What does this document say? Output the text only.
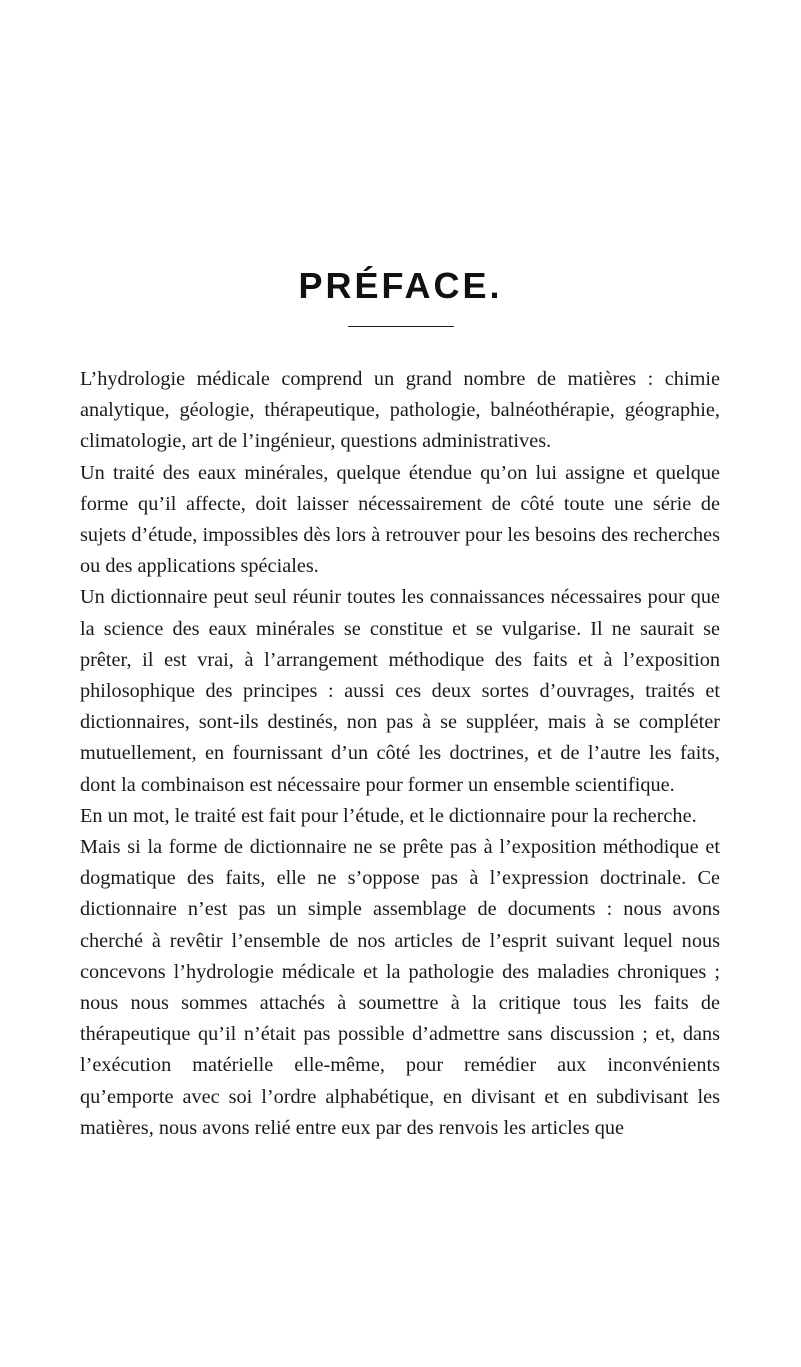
PRÉFACE.

L’hydrologie médicale comprend un grand nombre de matières : chimie analytique, géologie, thérapeutique, pathologie, balnéothérapie, géographie, climatologie, art de l’ingénieur, questions administratives.

Un traité des eaux minérales, quelque étendue qu’on lui assigne et quelque forme qu’il affecte, doit laisser nécessairement de côté toute une série de sujets d’étude, impossibles dès lors à retrouver pour les besoins des recherches ou des applications spéciales.

Un dictionnaire peut seul réunir toutes les connaissances nécessaires pour que la science des eaux minérales se constitue et se vulgarise. Il ne saurait se prêter, il est vrai, à l’arrangement méthodique des faits et à l’exposition philosophique des principes : aussi ces deux sortes d’ouvrages, traités et dictionnaires, sont-ils destinés, non pas à se suppléer, mais à se compléter mutuellement, en fournissant d’un côté les doctrines, et de l’autre les faits, dont la combinaison est nécessaire pour former un ensemble scientifique.

En un mot, le traité est fait pour l’étude, et le dictionnaire pour la recherche.

Mais si la forme de dictionnaire ne se prête pas à l’exposition méthodique et dogmatique des faits, elle ne s’oppose pas à l’expression doctrinale. Ce dictionnaire n’est pas un simple assemblage de documents : nous avons cherché à revêtir l’ensemble de nos articles de l’esprit suivant lequel nous concevons l’hydrologie médicale et la pathologie des maladies chroniques ; nous nous sommes attachés à soumettre à la critique tous les faits de thérapeutique qu’il n’était pas possible d’admettre sans discussion ; et, dans l’exécution matérielle elle-même, pour remédier aux inconvénients qu’emporte avec soi l’ordre alphabétique, en divisant et en subdivisant les matières, nous avons relié entre eux par des renvois les articles que
